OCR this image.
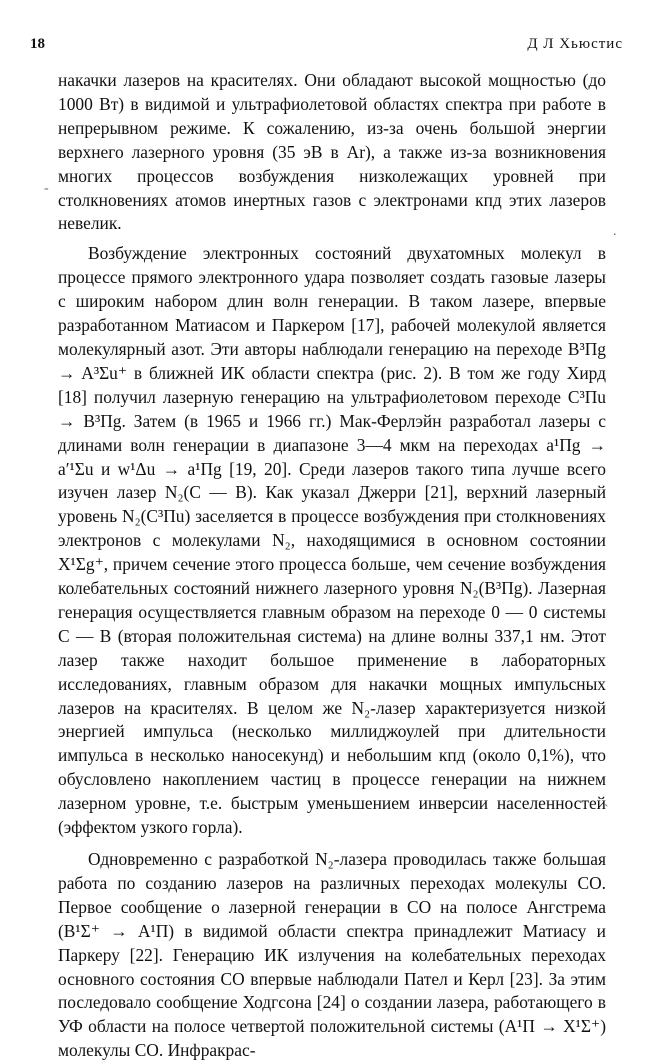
18	Д Л Хьюстис
-
.
`

накачки лазеров на красителях. Они обладают высокой мощностью (до 1000 Вт) в видимой и ультрафиолетовой областях спектра при работе в непрерывном режиме. К сожалению, из-за очень большой энергии верхнего лазерного уровня (35 эВ в Аr), а также из-за возникновения многих процессов возбуждения низколежащих уровней при столкновениях атомов инертных газов с электронами кпд этих лазеров невелик.

Возбуждение электронных состояний двухатомных молекул в процессе прямого электронного удара позволяет создать газовые лазеры с широким набором длин волн генерации. В таком лазере, впервые разработанном Матиасом и Паркером [17], рабочей молекулой является молекулярный азот. Эти авторы наблюдали генерацию на переходе B³Πg → A³Σu⁺ в ближней ИК области спектра (рис. 2). В том же году Хирд [18] получил лазерную генерацию на ультрафиолетовом переходе C³Πu → B³Πg. Затем (в 1965 и 1966 гг.) Мак-Ферлэйн разработал лазеры с длинами волн генерации в диапазоне 3—4 мкм на переходах a¹Πg → a′¹Σu и w¹Δu → a¹Πg [19, 20]. Среди лазеров такого типа лучше всего изучен лазер N₂(C — B). Как указал Джерри [21], верхний лазерный уровень N₂(C³Πu) заселяется в процессе возбуждения при столкновениях электронов с молекулами N₂, находящимися в основном состоянии X¹Σg⁺, причем сечение этого процесса больше, чем сечение возбуждения колебательных состояний нижнего лазерного уровня N₂(B³Πg). Лазерная генерация осуществляется главным образом на переходе 0 — 0 системы C — B (вторая положительная система) на длине волны 337,1 нм. Этот лазер также находит большое применение в лабораторных исследованиях, главным образом для накачки мощных импульсных лазеров на красителях. В целом же N₂-лазер характеризуется низкой энергией импульса (несколько миллиджоулей при длительности импульса в несколько наносекунд) и небольшим кпд (около 0,1%), что обусловлено накоплением частиц в процессе генерации на нижнем лазерном уровне, т.е. быстрым уменьшением инверсии населенностей (эффектом узкого горла).

Одновременно с разработкой N₂-лазера проводилась также большая работа по созданию лазеров на различных переходах молекулы СО. Первое сообщение о лазерной генерации в СО на полосе Ангстрема (B¹Σ⁺ → A¹Π) в видимой области спектра принадлежит Матиасу и Паркеру [22]. Генерацию ИК излучения на колебательных переходах основного состояния СО впервые наблюдали Пател и Керл [23]. За этим последовало сообщение Ходгсона [24] о создании лазера, работающего в УФ области на полосе четвертой положительной системы (A¹Π → X¹Σ⁺) молекулы СО. Инфракрас-
